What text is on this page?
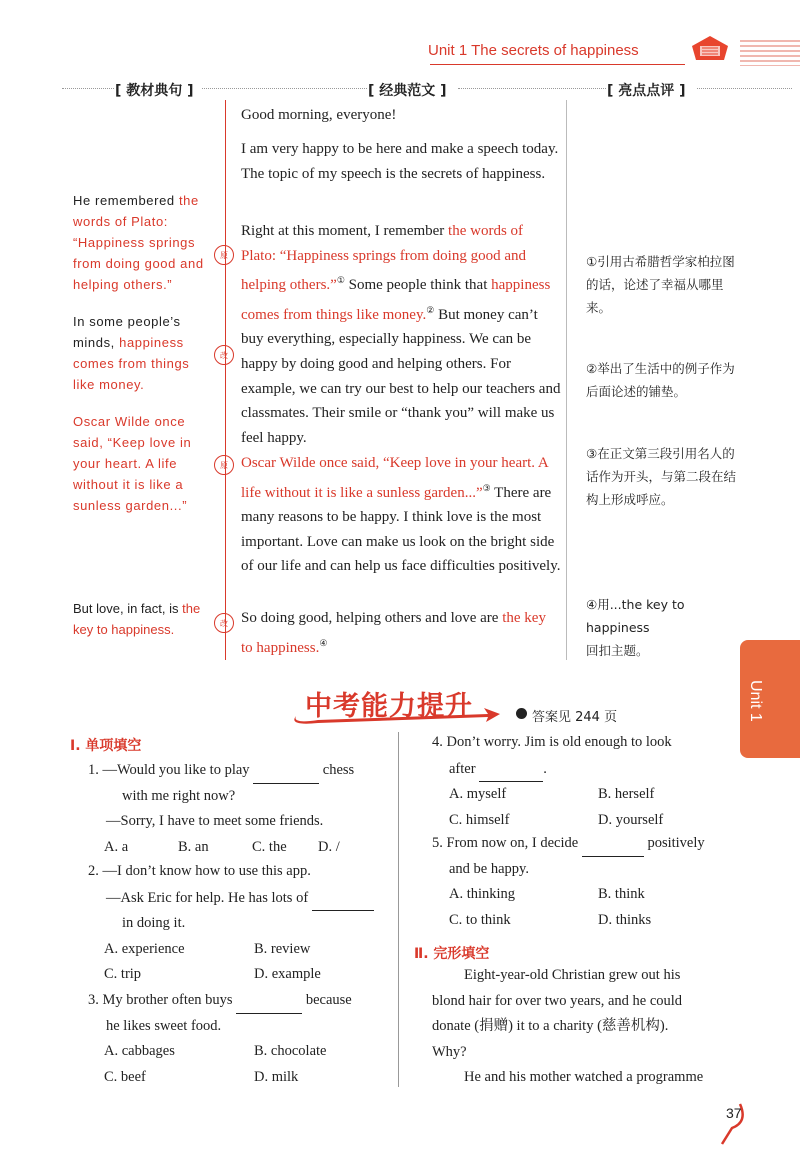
Unit 1 The secrets of happiness
[ 教材典句 ]	[ 经典范文 ]	[ 亮点点评 ]
He remembered the words of Plato: “Happiness springs from doing good and helping others.”
In some people’s minds, happiness comes from things like money.
Oscar Wilde once said, “Keep love in your heart. A life without it is like a sunless garden...”
But love, in fact, is the key to happiness.
原
改
原
改
Good morning, everyone!
I am very happy to be here and make a speech today. The topic of my speech is the secrets of happiness.
Right at this moment, I remember the words of Plato: “Happiness springs from doing good and helping others.”① Some people think that happiness comes from things like money.② But money can’t buy everything, especially happiness. We can be happy by doing good and helping others. For example, we can try our best to help our teachers and classmates. Their smile or “thank you” will make us feel happy.
Oscar Wilde once said, “Keep love in your heart. A life without it is like a sunless garden...”③ There are many reasons to be happy. I think love is the most important. Love can make us look on the bright side of our life and can help us face difficulties positively.
So doing good, helping others and love are the key to happiness.④
①引用古希腊哲学家柏拉图的话，论述了幸福从哪里来。
②举出了生活中的例子作为后面论述的铺垫。
③在正文第三段引用名人的话作为开头，与第二段在结构上形成呼应。
④用...the key to happiness
回扣主题。
中考能力提升	答案见 244 页	Unit 1
Ⅰ. 单项填空
1. —Would you like to play	chess
with me right now?
—Sorry, I have to meet some friends.
A. a	B. an	C. the D. /
2. —I don’t know how to use this app.
—Ask Eric for help. He has lots of
in doing it.
A. experience	B. review
C. trip	D. example
3. My brother often buys	because
he likes sweet food.
A. cabbages	B. chocolate
C. beef	D. milk
4. Don’t worry. Jim is old enough to look
after	.
A. myself	B. herself
C. himself	D. yourself
5. From now on, I decide	positively
and be happy.
A. thinking	B. think
C. to think	D. thinks
Ⅱ. 完形填空
Eight-year-old Christian grew out his
blond hair for over two years, and he could
donate (捐赠) it to a charity (慈善机构).
Why?
He and his mother watched a programme
37
